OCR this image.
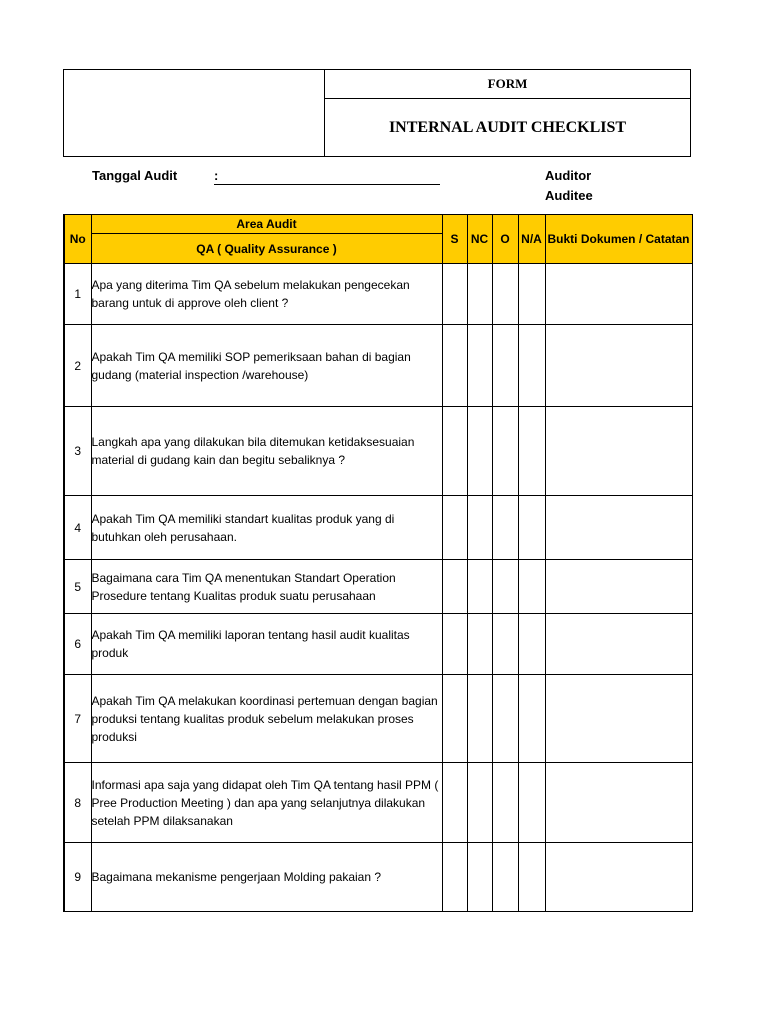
FORM
INTERNAL AUDIT CHECKLIST
Tanggal Audit	:	Auditor
Auditee
No	Area Audit	S	NC	O	N/A	Bukti Dokumen / Catatan
	QA ( Quality Assurance )					
1	Apa yang diterima Tim QA sebelum melakukan pengecekan barang untuk di approve oleh client ?					
2	Apakah Tim QA memiliki SOP pemeriksaan bahan di bagian gudang (material inspection /warehouse)					
3	Langkah apa yang dilakukan bila ditemukan ketidaksesuaian material di gudang kain dan begitu sebaliknya ?					
4	Apakah Tim QA memiliki standart kualitas produk yang di butuhkan oleh perusahaan.					
5	Bagaimana cara Tim QA menentukan Standart Operation Prosedure tentang Kualitas produk suatu perusahaan					
6	Apakah Tim QA memiliki laporan tentang hasil audit kualitas produk					
7	Apakah Tim QA melakukan koordinasi pertemuan dengan bagian produksi tentang kualitas produk sebelum melakukan proses produksi					
8	Informasi apa saja yang didapat oleh Tim QA tentang hasil PPM ( Pree Production Meeting ) dan apa yang selanjutnya dilakukan setelah PPM dilaksanakan					
9	Bagaimana mekanisme pengerjaan Molding pakaian ?					
